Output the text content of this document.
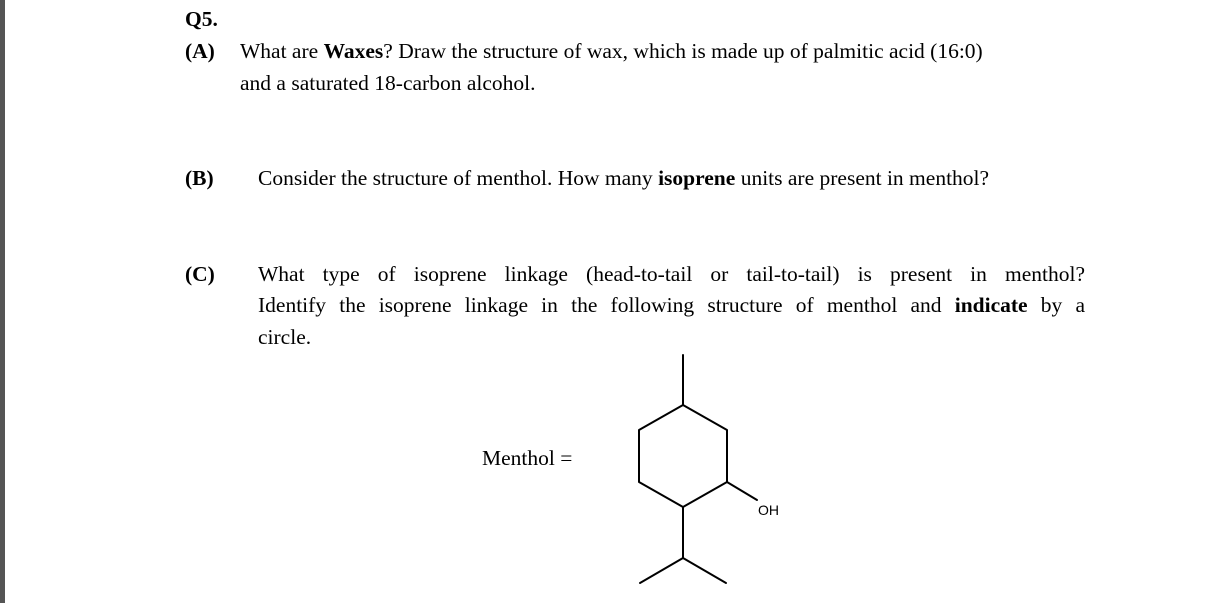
Q5.
(A) What are Waxes? Draw the structure of wax, which is made up of palmitic acid (16:0)
and a saturated 18-carbon alcohol.
(B) Consider the structure of menthol. How many isoprene units are present in menthol?
(C) What type of isoprene linkage (head-to-tail or tail-to-tail) is present in menthol?
Identify the isoprene linkage in the following structure of menthol and indicate by a
circle.
Menthol =
OH
